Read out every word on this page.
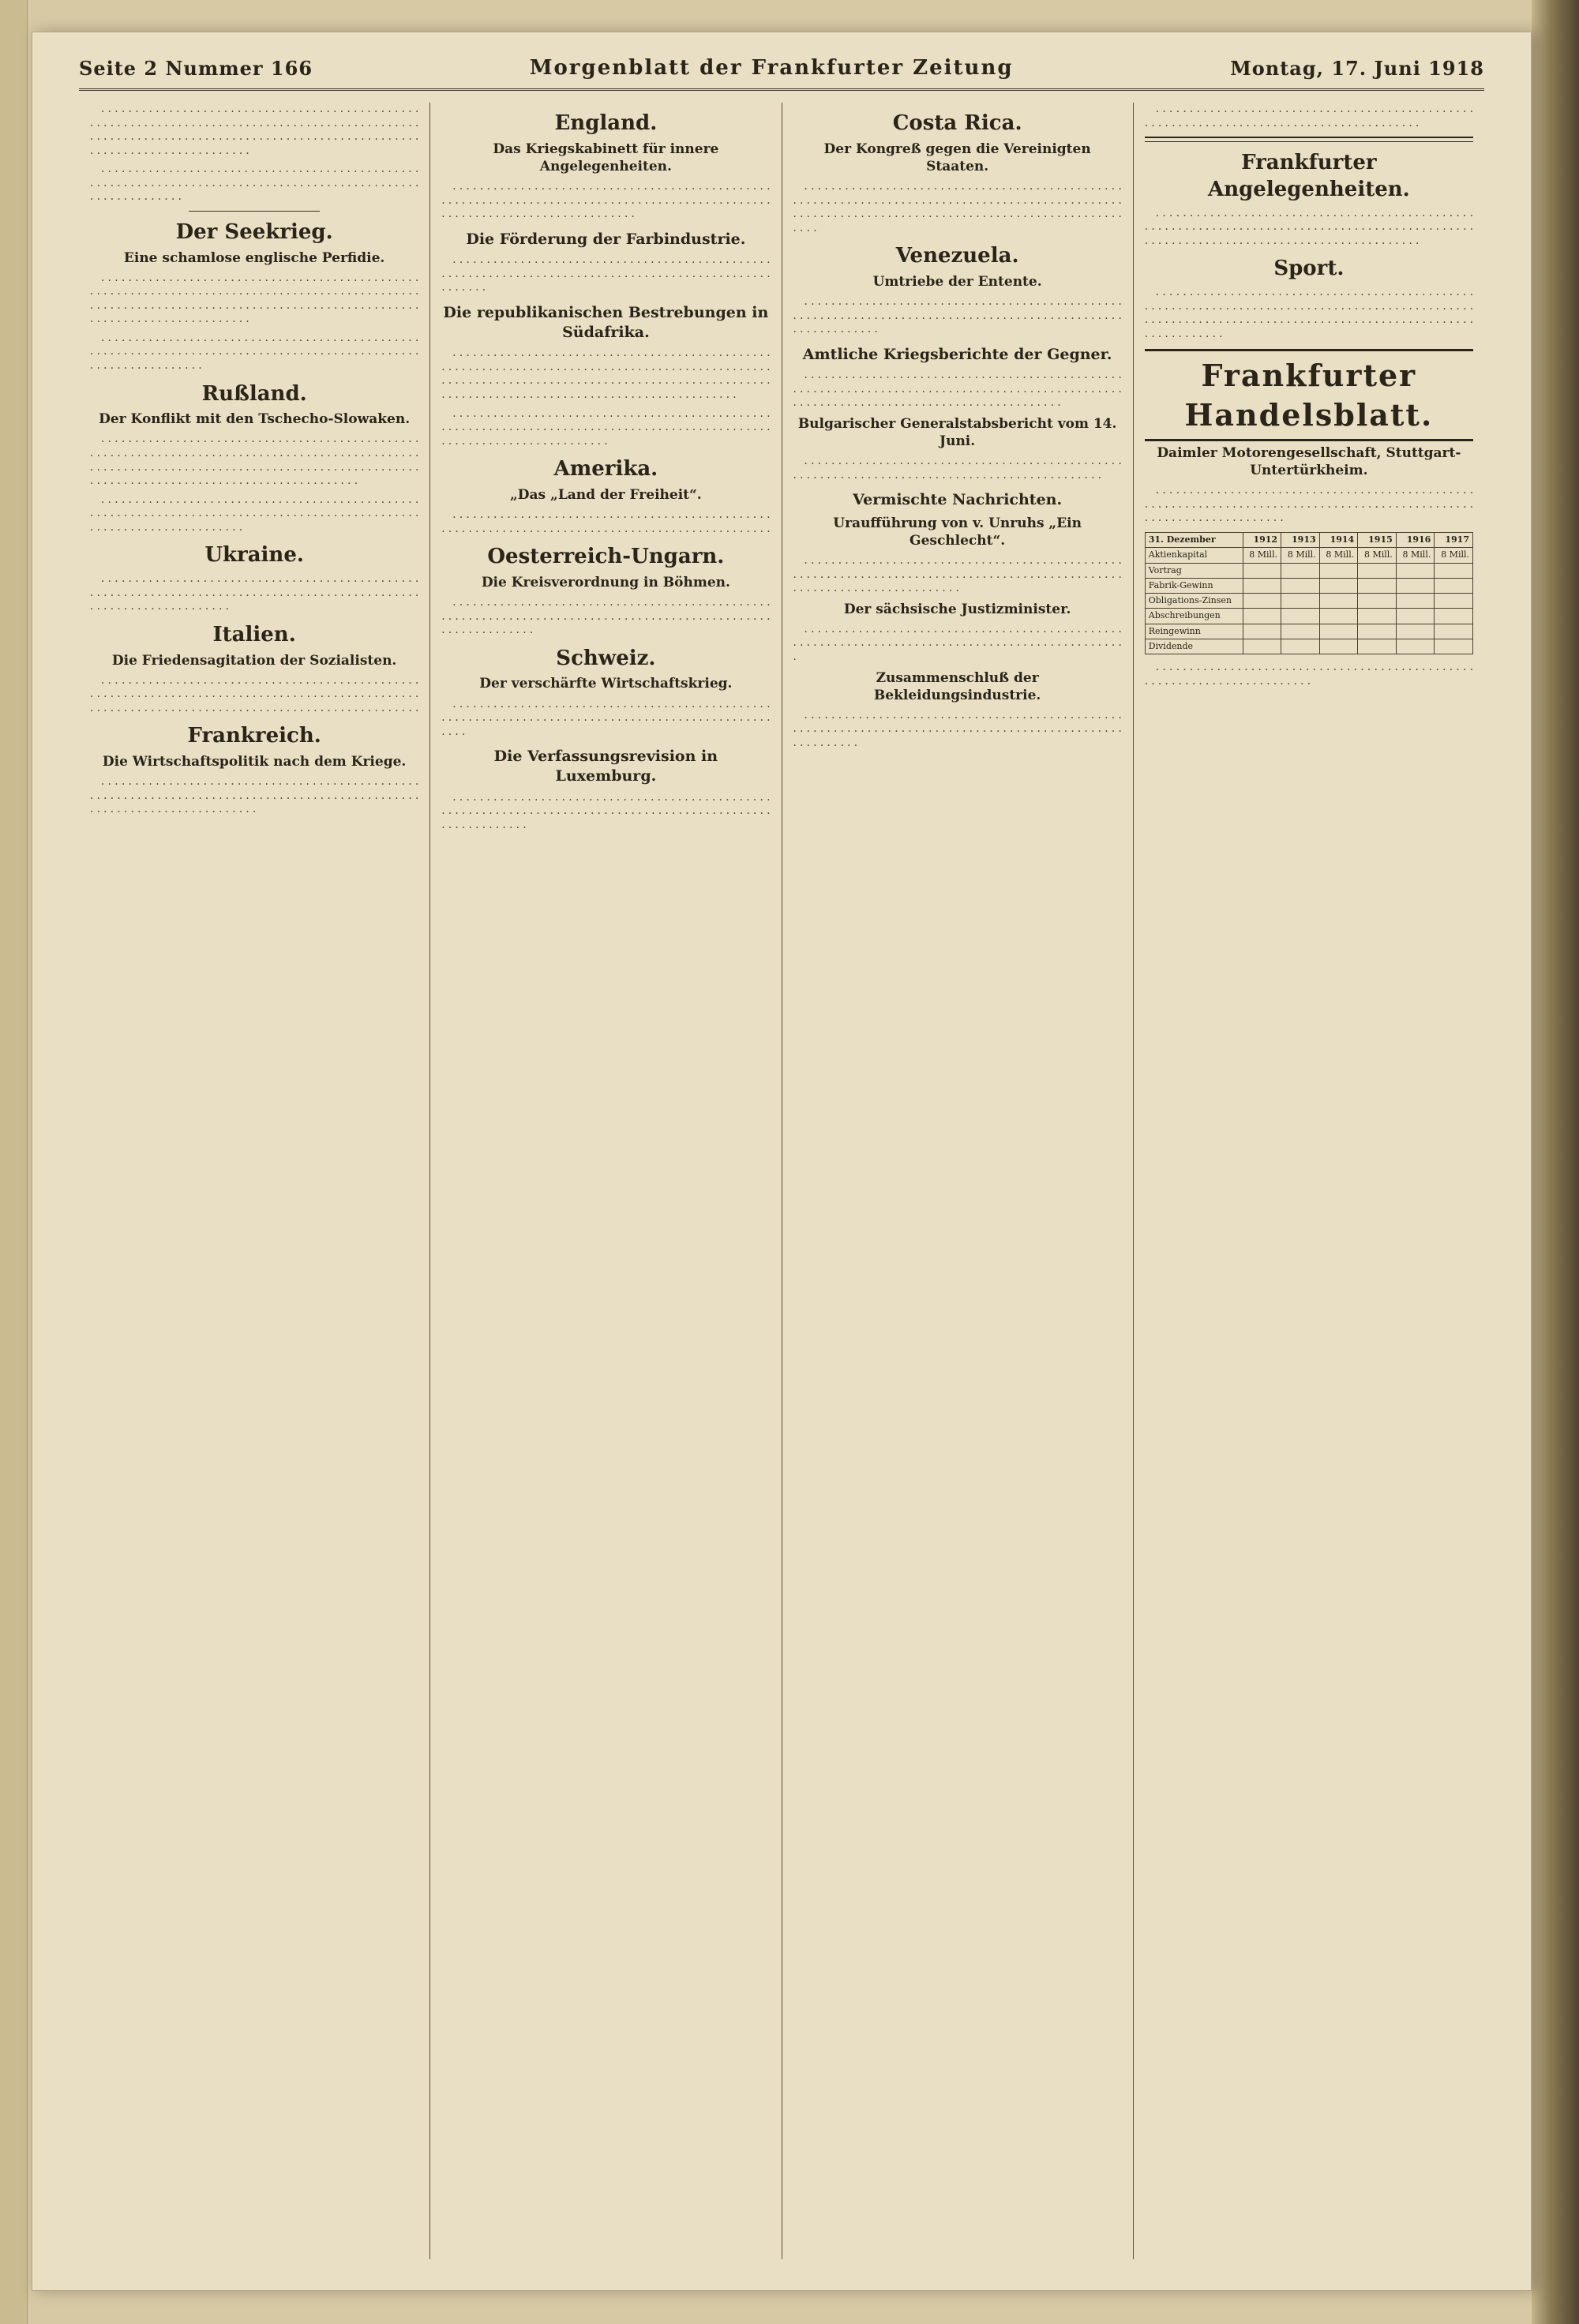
Seite 2 Nummer 166	Morgenblatt der Frankfurter Zeitung	Montag, 17. Juni 1918

. . . . . . . . . . . . . . . . . . . . . . . . . . . . . . . . . . . . . . . . . . . . . . . . . . . . . . . . . . . . . . . . . . . . . . . . . . . . . . . . . . . . . . . . . . . . . . . . . . . . . . . . . . . . . . . . . . . . . . . . . . . . . . . . . . . . . . . . . . . . . . . . . . . . . . . . . . . . . . . . . . . . . . . . .

. . . . . . . . . . . . . . . . . . . . . . . . . . . . . . . . . . . . . . . . . . . . . . . . . . . . . . . . . . . . . . . . . . . . . . . . . . . . . . . . . . . . . . . . . . . . . . . . . . . . . . . . . . . . . .

Der Seekrieg.
Eine schamlose englische Perfidie.

. . . . . . . . . . . . . . . . . . . . . . . . . . . . . . . . . . . . . . . . . . . . . . . . . . . . . . . . . . . . . . . . . . . . . . . . . . . . . . . . . . . . . . . . . . . . . . . . . . . . . . . . . . . . . . . . . . . . . . . . . . . . . . . . . . . . . . . . . . . . . . . . . . . . . . . . . . . . . . . . . . . . . . . . .

. . . . . . . . . . . . . . . . . . . . . . . . . . . . . . . . . . . . . . . . . . . . . . . . . . . . . . . . . . . . . . . . . . . . . . . . . . . . . . . . . . . . . . . . . . . . . . . . . . . . . . . . . . . . . . . . .

Rußland.
Der Konflikt mit den Tschecho-Slowaken.

. . . . . . . . . . . . . . . . . . . . . . . . . . . . . . . . . . . . . . . . . . . . . . . . . . . . . . . . . . . . . . . . . . . . . . . . . . . . . . . . . . . . . . . . . . . . . . . . . . . . . . . . . . . . . . . . . . . . . . . . . . . . . . . . . . . . . . . . . . . . . . . . . . . . . . . . . . . . . . . . . . . . . . . . . . . . . . . . . . . . . . . . .

. . . . . . . . . . . . . . . . . . . . . . . . . . . . . . . . . . . . . . . . . . . . . . . . . . . . . . . . . . . . . . . . . . . . . . . . . . . . . . . . . . . . . . . . . . . . . . . . . . . . . . . . . . . . . . . . . . . . . . .

Ukraine.

. . . . . . . . . . . . . . . . . . . . . . . . . . . . . . . . . . . . . . . . . . . . . . . . . . . . . . . . . . . . . . . . . . . . . . . . . . . . . . . . . . . . . . . . . . . . . . . . . . . . . . . . . . . . . . . . . . . . .

Italien.
Die Friedensagitation der Sozialisten.

. . . . . . . . . . . . . . . . . . . . . . . . . . . . . . . . . . . . . . . . . . . . . . . . . . . . . . . . . . . . . . . . . . . . . . . . . . . . . . . . . . . . . . . . . . . . . . . . . . . . . . . . . . . . . . . . . . . . . . . . . . . . . . . . . . . . . . . . . . . . . . . . .

Frankreich.
Die Wirtschaftspolitik nach dem Kriege.

. . . . . . . . . . . . . . . . . . . . . . . . . . . . . . . . . . . . . . . . . . . . . . . . . . . . . . . . . . . . . . . . . . . . . . . . . . . . . . . . . . . . . . . . . . . . . . . . . . . . . . . . . . . . . . . . . . . . . . . . .

England.
Das Kriegskabinett für innere Angelegenheiten.

. . . . . . . . . . . . . . . . . . . . . . . . . . . . . . . . . . . . . . . . . . . . . . . . . . . . . . . . . . . . . . . . . . . . . . . . . . . . . . . . . . . . . . . . . . . . . . . . . . . . . . . . . . . . . . . . . . . . . . . . . . . . .

Die Förderung der Farbindustrie.

. . . . . . . . . . . . . . . . . . . . . . . . . . . . . . . . . . . . . . . . . . . . . . . . . . . . . . . . . . . . . . . . . . . . . . . . . . . . . . . . . . . . . . . . . . . . . . . . . . . . . . .

Die republikanischen Bestrebungen in Südafrika.

. . . . . . . . . . . . . . . . . . . . . . . . . . . . . . . . . . . . . . . . . . . . . . . . . . . . . . . . . . . . . . . . . . . . . . . . . . . . . . . . . . . . . . . . . . . . . . . . . . . . . . . . . . . . . . . . . . . . . . . . . . . . . . . . . . . . . . . . . . . . . . . . . . . . . . . . . . . . . . . . . . . . . . . . . . . . . . . . . . . . . . . . . . . . .

. . . . . . . . . . . . . . . . . . . . . . . . . . . . . . . . . . . . . . . . . . . . . . . . . . . . . . . . . . . . . . . . . . . . . . . . . . . . . . . . . . . . . . . . . . . . . . . . . . . . . . . . . . . . . . . . . . . . . . . . .

Amerika.
„Das „Land der Freiheit“.

. . . . . . . . . . . . . . . . . . . . . . . . . . . . . . . . . . . . . . . . . . . . . . . . . . . . . . . . . . . . . . . . . . . . . . . . . . . . . . . . . . . . . . . . . . . . . . . .

Oesterreich-Ungarn.
Die Kreisverordnung in Böhmen.

. . . . . . . . . . . . . . . . . . . . . . . . . . . . . . . . . . . . . . . . . . . . . . . . . . . . . . . . . . . . . . . . . . . . . . . . . . . . . . . . . . . . . . . . . . . . . . . . . . . . . . . . . . . . . .

Schweiz.
Der verschärfte Wirtschaftskrieg.

. . . . . . . . . . . . . . . . . . . . . . . . . . . . . . . . . . . . . . . . . . . . . . . . . . . . . . . . . . . . . . . . . . . . . . . . . . . . . . . . . . . . . . . . . . . . . . . . . . . .

Die Verfassungsrevision in Luxemburg.

. . . . . . . . . . . . . . . . . . . . . . . . . . . . . . . . . . . . . . . . . . . . . . . . . . . . . . . . . . . . . . . . . . . . . . . . . . . . . . . . . . . . . . . . . . . . . . . . . . . . . . . . . . . . .

Costa Rica.
Der Kongreß gegen die Vereinigten Staaten.

. . . . . . . . . . . . . . . . . . . . . . . . . . . . . . . . . . . . . . . . . . . . . . . . . . . . . . . . . . . . . . . . . . . . . . . . . . . . . . . . . . . . . . . . . . . . . . . . . . . . . . . . . . . . . . . . . . . . . . . . . . . . . . . . . . . . . . . . . . . . . . . . . . . . .

Venezuela.
Umtriebe der Entente.

. . . . . . . . . . . . . . . . . . . . . . . . . . . . . . . . . . . . . . . . . . . . . . . . . . . . . . . . . . . . . . . . . . . . . . . . . . . . . . . . . . . . . . . . . . . . . . . . . . . . . . . . . . . . .

Amtliche Kriegsberichte der Gegner.

. . . . . . . . . . . . . . . . . . . . . . . . . . . . . . . . . . . . . . . . . . . . . . . . . . . . . . . . . . . . . . . . . . . . . . . . . . . . . . . . . . . . . . . . . . . . . . . . . . . . . . . . . . . . . . . . . . . . . . . . . . . . . . . . . . . . . . . .

Bulgarischer Generalstabsbericht vom 14. Juni.

. . . . . . . . . . . . . . . . . . . . . . . . . . . . . . . . . . . . . . . . . . . . . . . . . . . . . . . . . . . . . . . . . . . . . . . . . . . . . . . . . . . . . . . . . . . . .

Vermischte Nachrichten.
Uraufführung von v. Unruhs „Ein Geschlecht“.

. . . . . . . . . . . . . . . . . . . . . . . . . . . . . . . . . . . . . . . . . . . . . . . . . . . . . . . . . . . . . . . . . . . . . . . . . . . . . . . . . . . . . . . . . . . . . . . . . . . . . . . . . . . . . . . . . . . . . . . . .

Der sächsische Justizminister.

. . . . . . . . . . . . . . . . . . . . . . . . . . . . . . . . . . . . . . . . . . . . . . . . . . . . . . . . . . . . . . . . . . . . . . . . . . . . . . . . . . . . . . . . . . . . . . . . .

Zusammenschluß der Bekleidungsindustrie.

. . . . . . . . . . . . . . . . . . . . . . . . . . . . . . . . . . . . . . . . . . . . . . . . . . . . . . . . . . . . . . . . . . . . . . . . . . . . . . . . . . . . . . . . . . . . . . . . . . . . . . . . . .

. . . . . . . . . . . . . . . . . . . . . . . . . . . . . . . . . . . . . . . . . . . . . . . . . . . . . . . . . . . . . . . . . . . . . . . . . . . . . . . . . . . . . . . .

Frankfurter Angelegenheiten.

. . . . . . . . . . . . . . . . . . . . . . . . . . . . . . . . . . . . . . . . . . . . . . . . . . . . . . . . . . . . . . . . . . . . . . . . . . . . . . . . . . . . . . . . . . . . . . . . . . . . . . . . . . . . . . . . . . . . . . . . . . . . . . . . . . . . . . . . .

Sport.

. . . . . . . . . . . . . . . . . . . . . . . . . . . . . . . . . . . . . . . . . . . . . . . . . . . . . . . . . . . . . . . . . . . . . . . . . . . . . . . . . . . . . . . . . . . . . . . . . . . . . . . . . . . . . . . . . . . . . . . . . . . . . . . . . . . . . . . . . . . . . . . . . . . . . . . . . . . . .

Frankfurter Handelsblatt.
Daimler Motorengesellschaft, Stuttgart-Untertürkheim.

. . . . . . . . . . . . . . . . . . . . . . . . . . . . . . . . . . . . . . . . . . . . . . . . . . . . . . . . . . . . . . . . . . . . . . . . . . . . . . . . . . . . . . . . . . . . . . . . . . . . . . . . . . . . . . . . . . . . .

31. Dezember	1912	1913	1914	1915	1916	1917
Aktienkapital	8 Mill.	8 Mill.	8 Mill.	8 Mill.	8 Mill.	8 Mill.
Vortrag						
Fabrik-Gewinn						
Obligations-Zinsen						
Abschreibungen						
Reingewinn						
Dividende						

. . . . . . . . . . . . . . . . . . . . . . . . . . . . . . . . . . . . . . . . . . . . . . . . . . . . . . . . . . . . . . . . . . . . . . . .
